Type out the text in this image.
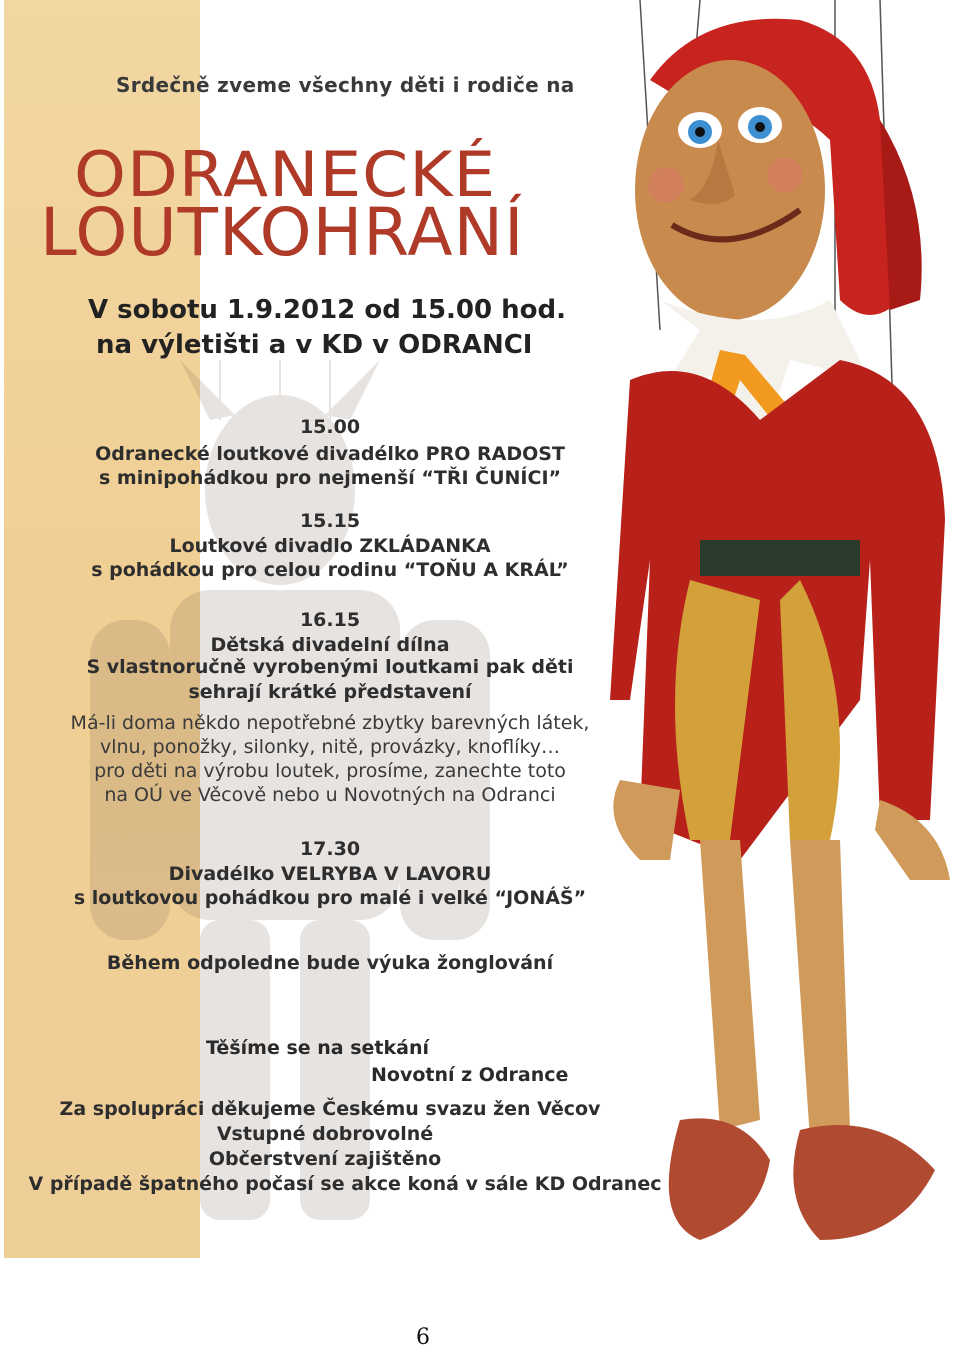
Srdečně zveme všechny děti i rodiče na
ODRANECKÉ
LOUTKOHRANÍ
V sobotu 1.9.2012 od 15.00 hod.
na výletišti a v KD v ODRANCI
15.00
Odranecké loutkové divadélko PRO RADOST
s minipohádkou pro nejmenší “TŘI ČUNÍCI”
15.15
Loutkové divadlo ZKLÁDANKA
s pohádkou pro celou rodinu “TOŇU A KRÁL”
16.15
Dětská divadelní dílna
S vlastnoručně vyrobenými loutkami pak děti
sehrají krátké představení
Má-li doma někdo nepotřebné zbytky barevných látek,
vlnu, ponožky, silonky, nitě, provázky, knoflíky…
pro děti na výrobu loutek, prosíme, zanechte toto
na OÚ ve Věcově nebo u Novotných na Odranci
17.30
Divadélko VELRYBA V LAVORU
s loutkovou pohádkou pro malé i velké “JONÁŠ”
Během odpoledne bude výuka žonglování
Těšíme se na setkání
Novotní z Odrance
Za spolupráci děkujeme Českému svazu žen Věcov
Vstupné dobrovolné
Občerstvení zajištěno
V případě špatného počasí se akce koná v sále KD Odranec
6
